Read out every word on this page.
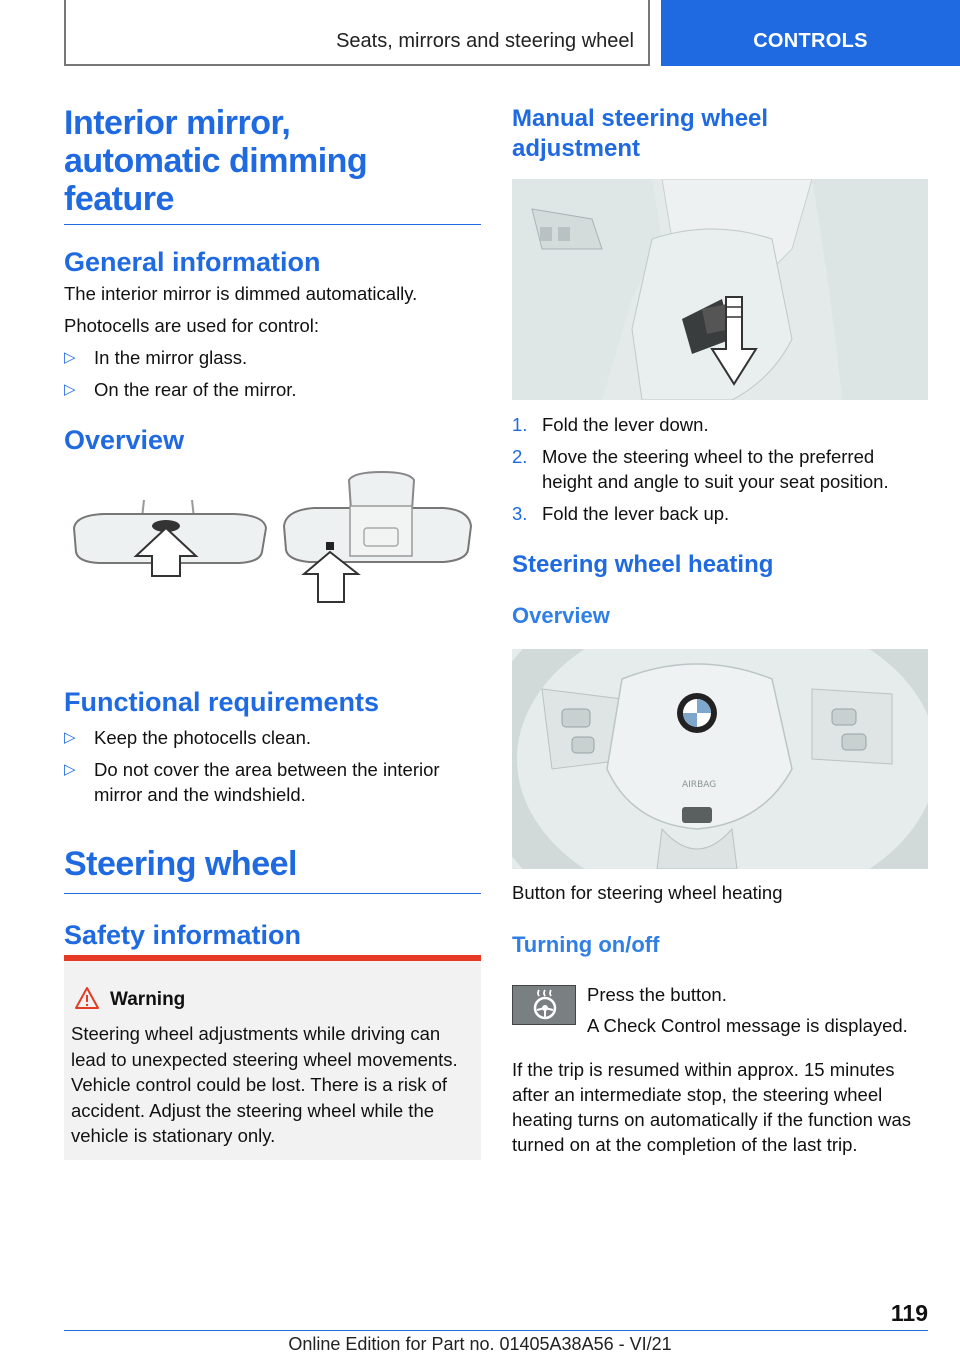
Seats, mirrors and steering wheel	CONTROLS
Interior mirror, automatic dimming feature
General information

The interior mirror is dimmed automatically.

Photocells are used for control:

▷ In the mirror glass.
▷ On the rear of the mirror.
Overview
Functional requirements
▷ Keep the photocells clean.
▷ Do not cover the area between the interior mirror and the windshield.
Steering wheel
Safety information
Warning
Steering wheel adjustments while driving can lead to unexpected steering wheel movements. Vehicle control could be lost. There is a risk of accident. Adjust the steering wheel while the vehicle is stationary only.
Manual steering wheel adjustment
1. Fold the lever down.
2. Move the steering wheel to the preferred height and angle to suit your seat position.
3. Fold the lever back up.
Steering wheel heating
Overview
AIRBAG

Button for steering wheel heating

Turning on/off

Press the button.

A Check Control message is displayed.

If the trip is resumed within approx. 15 minutes after an intermediate stop, the steering wheel heating turns on automatically if the function was turned on at the completion of the last trip.

119
Online Edition for Part no. 01405A38A56 - VI/21
